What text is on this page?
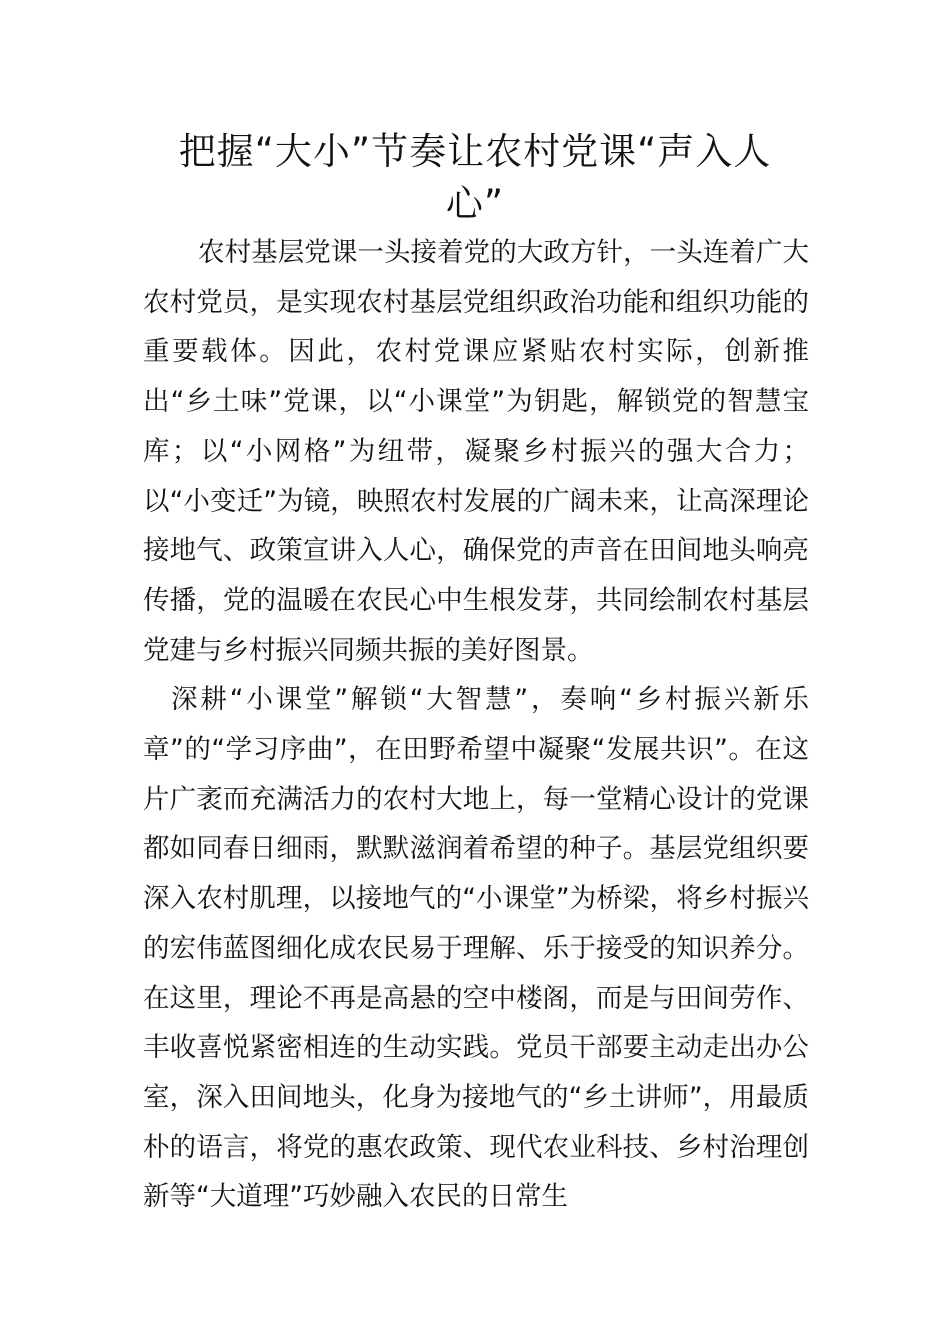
把握“大小”节奏让农村党课“声入人心”

农村基层党课一头接着党的大政方针，一头连着广大农村党员，是实现农村基层党组织政治功能和组织功能的重要载体。因此，农村党课应紧贴农村实际，创新推出“乡土味”党课，以“小课堂”为钥匙，解锁党的智慧宝库；以“小网格”为纽带，凝聚乡村振兴的强大合力；以“小变迁”为镜，映照农村发展的广阔未来，让高深理论接地气、政策宣讲入人心，确保党的声音在田间地头响亮传播，党的温暖在农民心中生根发芽，共同绘制农村基层党建与乡村振兴同频共振的美好图景。

深耕“小课堂”解锁“大智慧”，奏响“乡村振兴新乐章”的“学习序曲”，在田野希望中凝聚“发展共识”。在这片广袤而充满活力的农村大地上，每一堂精心设计的党课都如同春日细雨，默默滋润着希望的种子。基层党组织要深入农村肌理，以接地气的“小课堂”为桥梁，将乡村振兴的宏伟蓝图细化成农民易于理解、乐于接受的知识养分。在这里，理论不再是高悬的空中楼阁，而是与田间劳作、丰收喜悦紧密相连的生动实践。党员干部要主动走出办公室，深入田间地头，化身为接地气的“乡土讲师”，用最质朴的语言，将党的惠农政策、现代农业科技、乡村治理创新等“大道理”巧妙融入农民的日常生
